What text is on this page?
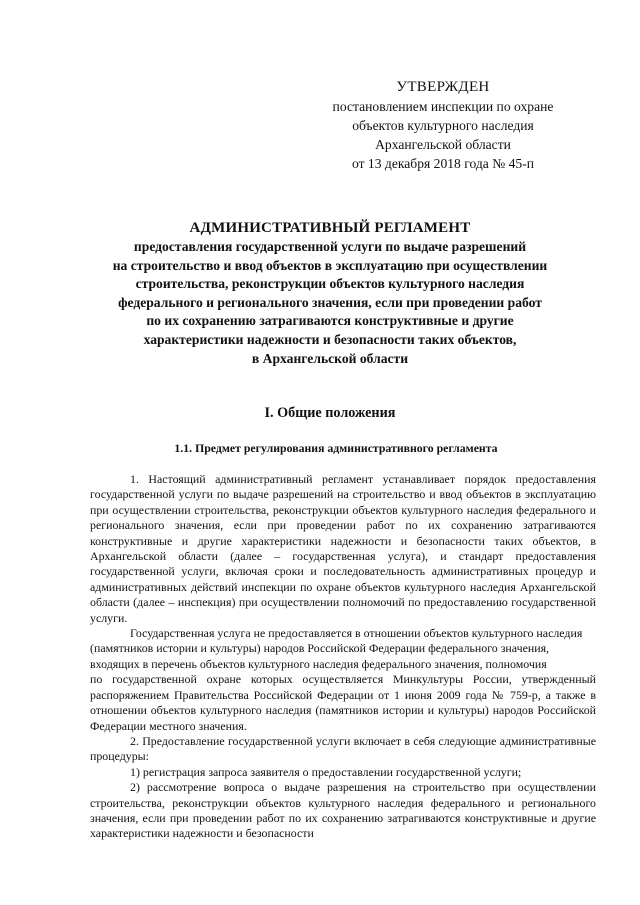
УТВЕРЖДЕН
постановлением инспекции по охране
объектов культурного наследия
Архангельской области
от 13 декабря 2018 года № 45-п
АДМИНИСТРАТИВНЫЙ РЕГЛАМЕНТ
предоставления государственной услуги по выдаче разрешений
на строительство и ввод объектов в эксплуатацию при осуществлении
строительства, реконструкции объектов культурного наследия
федерального и регионального значения, если при проведении работ
по их сохранению затрагиваются конструктивные и другие
характеристики надежности и безопасности таких объектов,
в Архангельской области
I. Общие положения
1.1. Предмет регулирования административного регламента

1. Настоящий административный регламент устанавливает порядок предоставления государственной услуги по выдаче разрешений на строительство и ввод объектов в эксплуатацию при осуществлении строительства, реконструкции объектов культурного наследия федерального и регионального значения, если при проведении работ по их сохранению затрагиваются конструктивные и другие характеристики надежности и безопасности таких объектов, в Архангельской области (далее – государственная услуга), и стандарт предоставления государственной услуги, включая сроки и последовательность административных процедур и административных действий инспекции по охране объектов культурного наследия Архангельской области (далее – инспекция) при осуществлении полномочий по предоставлению государственной услуги.

Государственная услуга не предоставляется в отношении объектов культурного наследия (памятников истории и культуры) народов Российской Федерации федерального значения, входящих в перечень объектов культурного наследия федерального значения, полномочия

по государственной охране которых осуществляется Минкультуры России, утвержденный распоряжением Правительства Российской Федерации от 1 июня 2009 года № 759-р, а также в отношении объектов культурного наследия (памятников истории и культуры) народов Российской Федерации местного значения.

2. Предоставление государственной услуги включает в себя следующие административные процедуры:

1) регистрация запроса заявителя о предоставлении государственной услуги;

2) рассмотрение вопроса о выдаче разрешения на строительство при осуществлении строительства, реконструкции объектов культурного наследия федерального и регионального значения, если при проведении работ по их сохранению затрагиваются конструктивные и другие характеристики надежности и безопасности
